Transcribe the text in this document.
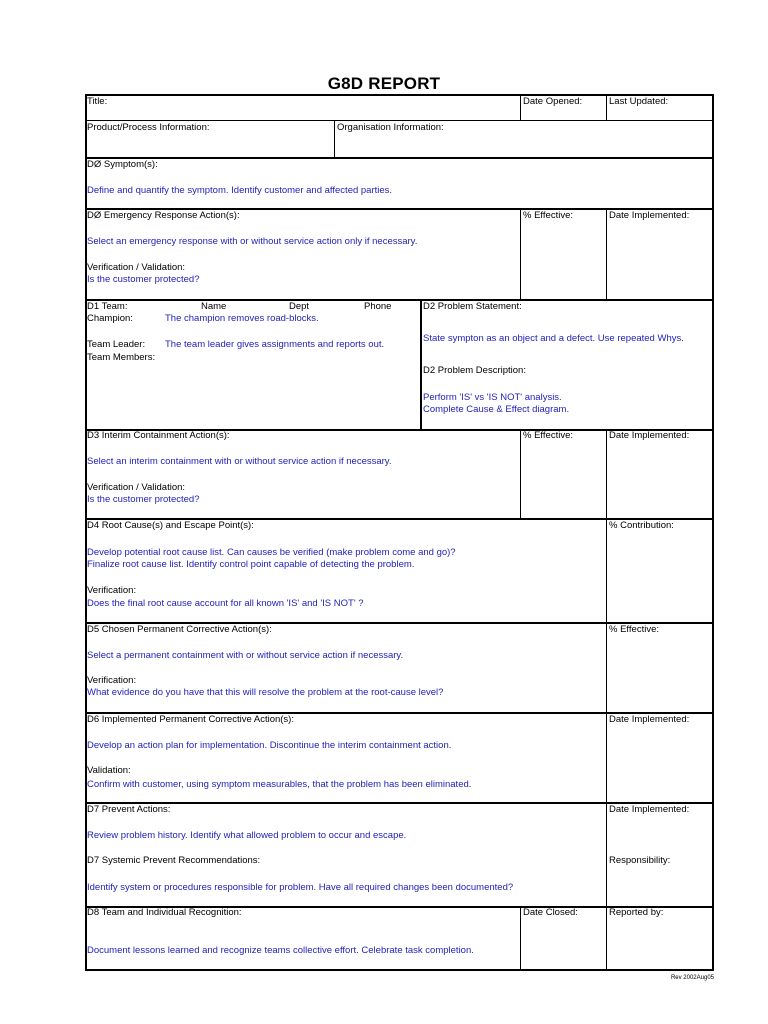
G8D REPORT
Title:	Date Opened:	Last Updated:
Product/Process Information:	Organisation Information:
DØ Symptom(s):
Define and quantify the symptom. Identify customer and affected parties.
DØ Emergency Response Action(s):	% Effective:	Date Implemented:
Select an emergency response with or without service action only if necessary.
Verification / Validation:
Is the customer protected?
D1 Team:	Name	Dept	Phone
Champion:	The champion removes road-blocks.
Team Leader: The team leader gives assignments and reports out.
Team Members:
D2 Problem Statement:
State sympton as an object and a defect. Use repeated Whys.
D2 Problem Description:
Perform 'IS' vs 'IS NOT' analysis.
Complete Cause & Effect diagram.
D3 Interim Containment Action(s):	% Effective:	Date Implemented:
Select an interim containment with or without service action if necessary.
Verification / Validation:
Is the customer protected?
D4 Root Cause(s) and Escape Point(s):	% Contribution:
Develop potential root cause list. Can causes be verified (make problem come and go)?
Finalize root cause list. Identify control point capable of detecting the problem.
Verification:
Does the final root cause account for all known 'IS' and 'IS NOT' ?
D5 Chosen Permanent Corrective Action(s):	% Effective:
Select a permanent containment with or without service action if necessary.
Verification:
What evidence do you have that this will resolve the problem at the root-cause level?
D6 Implemented Permanent Corrective Action(s):	Date Implemented:
Develop an action plan for implementation. Discontinue the interim containment action.
Validation:
Confirm with customer, using symptom measurables, that the problem has been eliminated.
D7 Prevent Actions:	Date Implemented:
Review problem history. Identify what allowed problem to occur and escape.
D7 Systemic Prevent Recommendations:	Responsibility:
Identify system or procedures responsible for problem. Have all required changes been documented?
D8 Team and Individual Recognition:	Date Closed:	Reported by:
Document lessons learned and recognize teams collective effort. Celebrate task completion.
Rev 2002Aug05
